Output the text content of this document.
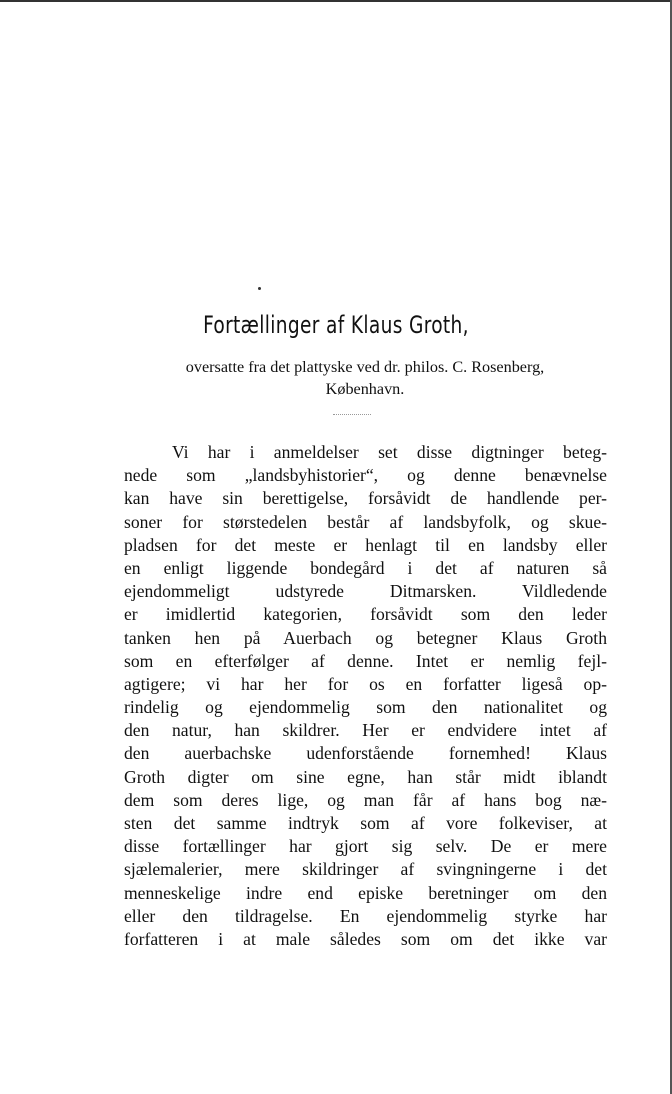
Fortællinger af Klaus Groth,
oversatte fra det plattyske ved dr. philos. C. Rosenberg,
København.
Vi har i anmeldelser set disse digtninger beteg-
nede som „landsbyhistorier“, og denne benævnelse
kan have sin berettigelse, forsåvidt de handlende per-
soner for størstedelen består af landsbyfolk, og skue-
pladsen for det meste er henlagt til en landsby eller
en enligt liggende bondegård i det af naturen så
ejendommeligt udstyrede Ditmarsken. Vildledende
er imidlertid kategorien, forsåvidt som den leder
tanken hen på Auerbach og betegner Klaus Groth
som en efterfølger af denne. Intet er nemlig fejl-
agtigere; vi har her for os en forfatter ligeså op-
rindelig og ejendommelig som den nationalitet og
den natur, han skildrer. Her er endvidere intet af
den auerbachske udenforstående fornemhed! Klaus
Groth digter om sine egne, han står midt iblandt
dem som deres lige, og man får af hans bog næ-
sten det samme indtryk som af vore folkeviser, at
disse fortællinger har gjort sig selv. De er mere
sjælemalerier, mere skildringer af svingningerne i det
menneskelige indre end episke beretninger om den
eller den tildragelse. En ejendommelig styrke har
forfatteren i at male således som om det ikke var
